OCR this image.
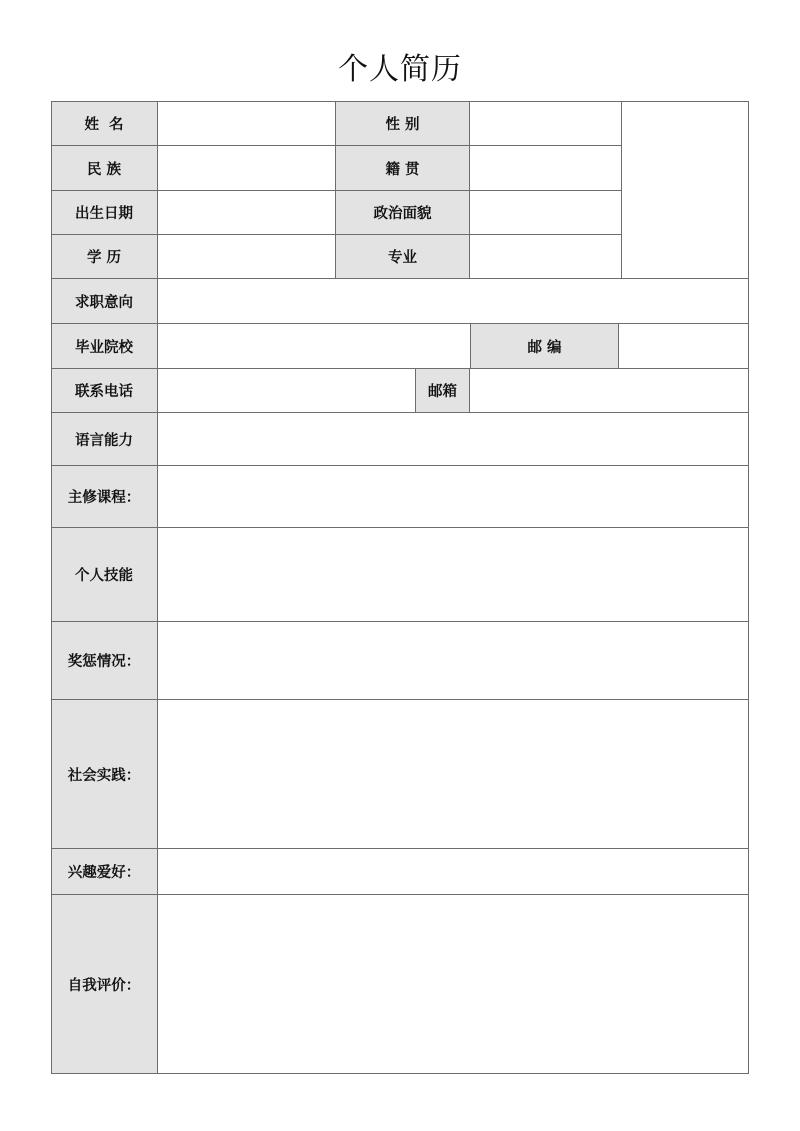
个人简历
姓  名	性 别
民 族	籍 贯
出生日期	政治面貌
学 历	专业
求职意向
毕业院校	邮 编
联系电话	邮箱
语言能力
主修课程：
个人技能
奖惩情况：
社会实践：
兴趣爱好：
自我评价：
